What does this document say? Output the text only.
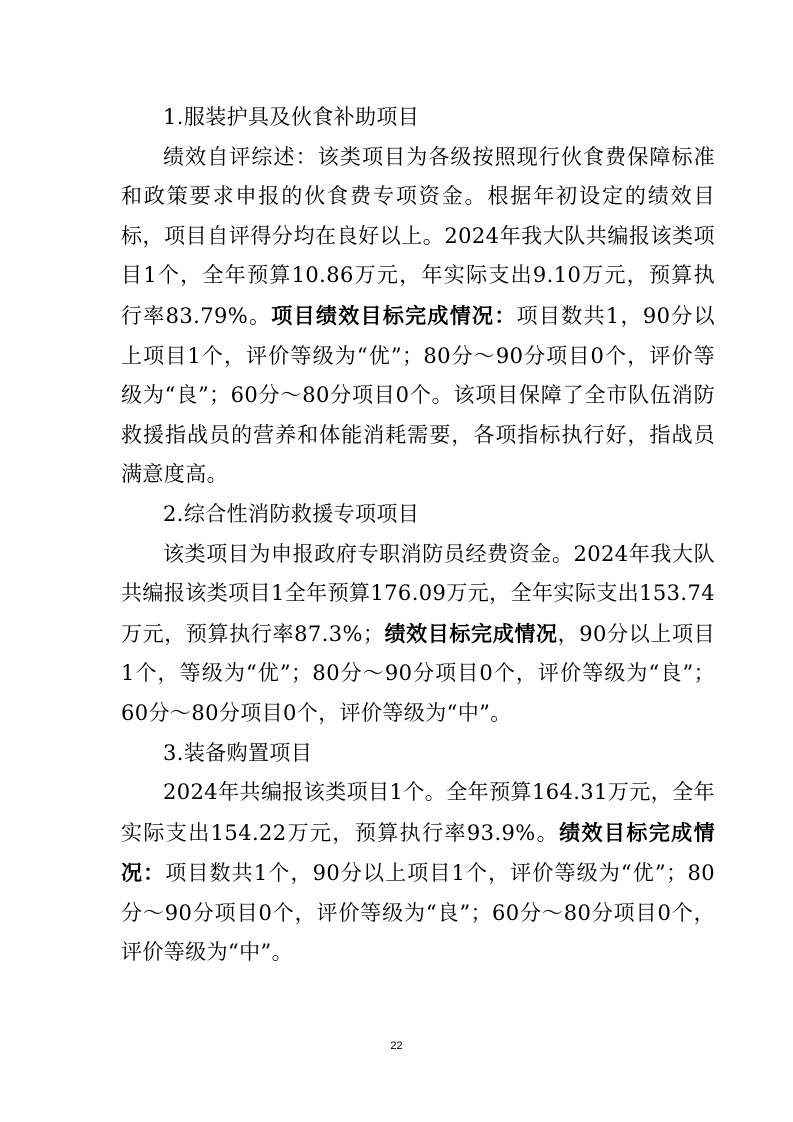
1.服装护具及伙食补助项目

绩效自评综述：该类项目为各级按照现行伙食费保障标准和政策要求申报的伙食费专项资金。根据年初设定的绩效目标，项目自评得分均在良好以上。2024年我大队共编报该类项目1个，全年预算10.86万元，年实际支出9.10万元，预算执行率83.79%。项目绩效目标完成情况：项目数共1，90分以上项目1个，评价等级为“优”；80分～90分项目0个，评价等级为“良”；60分～80分项目0个。该项目保障了全市队伍消防救援指战员的营养和体能消耗需要，各项指标执行好，指战员满意度高。

2.综合性消防救援专项项目

该类项目为申报政府专职消防员经费资金。2024年我大队共编报该类项目1全年预算176.09万元，全年实际支出153.74万元，预算执行率87.3%；绩效目标完成情况，90分以上项目1个，等级为“优”；80分～90分项目0个，评价等级为“良”；60分～80分项目0个，评价等级为“中”。

3.装备购置项目

2024年共编报该类项目1个。全年预算164.31万元，全年实际支出154.22万元，预算执行率93.9%。绩效目标完成情况：项目数共1个，90分以上项目1个，评价等级为“优”；80分～90分项目0个，评价等级为“良”；60分～80分项目0个，评价等级为“中”。

22
